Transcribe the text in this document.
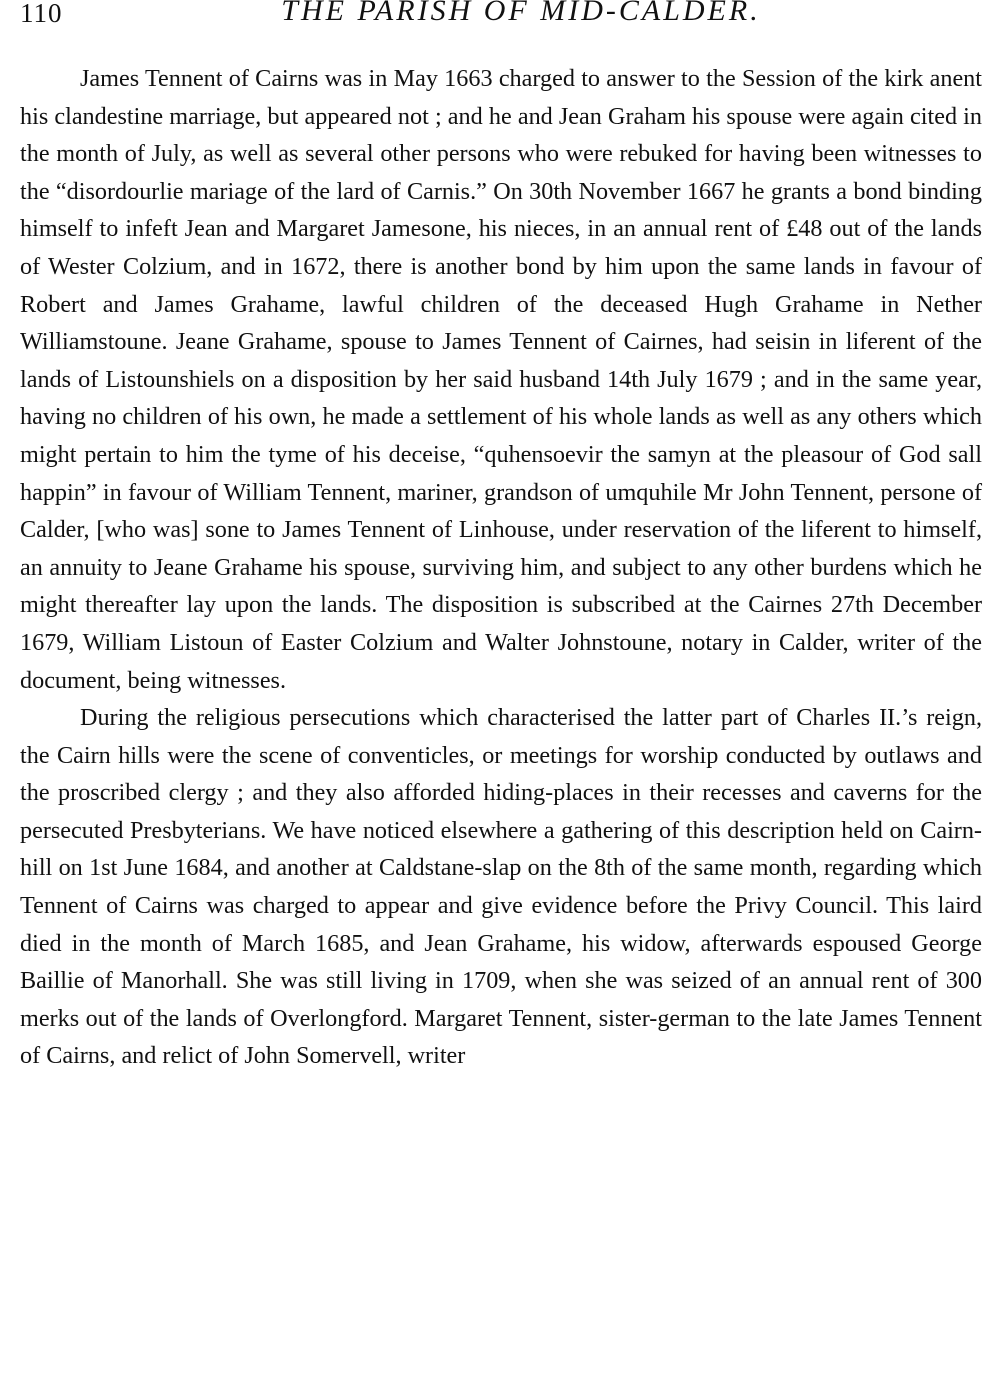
110	THE PARISH OF MID-CALDER.

James Tennent of Cairns was in May 1663 charged to answer to the Session of the kirk anent his clandestine marriage, but appeared not ; and he and Jean Graham his spouse were again cited in the month of July, as well as several other persons who were rebuked for having been witnesses to the “disordourlie mariage of the lard of Carnis.” On 30th November 1667 he grants a bond binding himself to infeft Jean and Margaret Jamesone, his nieces, in an annual rent of £48 out of the lands of Wester Colzium, and in 1672, there is another bond by him upon the same lands in favour of Robert and James Grahame, lawful children of the deceased Hugh Grahame in Nether Williamstoune. Jeane Grahame, spouse to James Tennent of Cairnes, had seisin in liferent of the lands of Listounshiels on a disposition by her said husband 14th July 1679 ; and in the same year, having no children of his own, he made a settlement of his whole lands as well as any others which might pertain to him the tyme of his deceise, “quhensoevir the samyn at the pleasour of God sall happin” in favour of William Tennent, mariner, grandson of umquhile Mr John Tennent, persone of Calder, [who was] sone to James Tennent of Linhouse, under reservation of the liferent to himself, an annuity to Jeane Grahame his spouse, surviving him, and subject to any other burdens which he might thereafter lay upon the lands. The disposition is subscribed at the Cairnes 27th December 1679, William Listoun of Easter Colzium and Walter Johnstoune, notary in Calder, writer of the document, being witnesses.

During the religious persecutions which characterised the latter part of Charles II.’s reign, the Cairn hills were the scene of conventicles, or meetings for worship conducted by outlaws and the proscribed clergy ; and they also afforded hiding-places in their recesses and caverns for the persecuted Presbyterians. We have noticed elsewhere a gathering of this description held on Cairn-hill on 1st June 1684, and another at Caldstane-slap on the 8th of the same month, regarding which Tennent of Cairns was charged to appear and give evidence before the Privy Council. This laird died in the month of March 1685, and Jean Grahame, his widow, afterwards espoused George Baillie of Manorhall. She was still living in 1709, when she was seized of an annual rent of 300 merks out of the lands of Overlongford. Margaret Tennent, sister-german to the late James Tennent of Cairns, and relict of John Somervell, writer
